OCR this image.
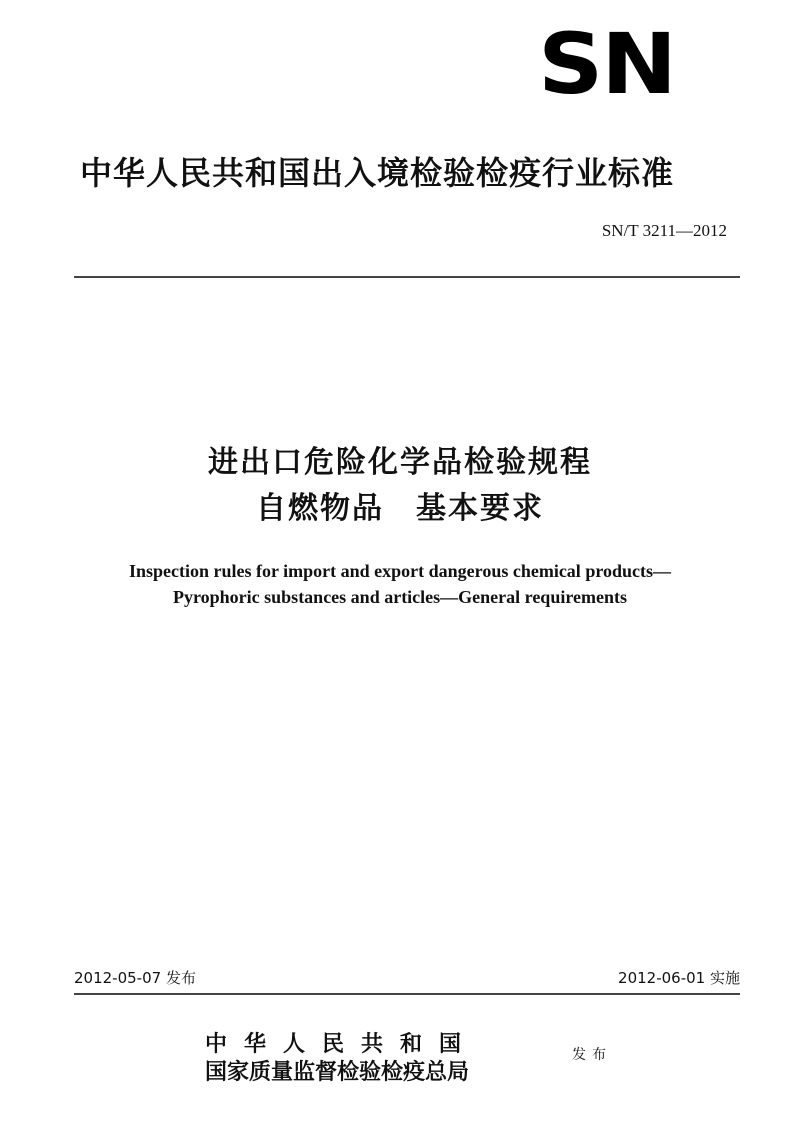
SN
中华人民共和国出入境检验检疫行业标准
SN/T 3211—2012
进出口危险化学品检验规程
自燃物品　基本要求
Inspection rules for import and export dangerous chemical products—
Pyrophoric substances and articles—General requirements
2012-05-07 发布	2012-06-01 实施
中华人民共和国
国家质量监督检验检疫总局
发布
